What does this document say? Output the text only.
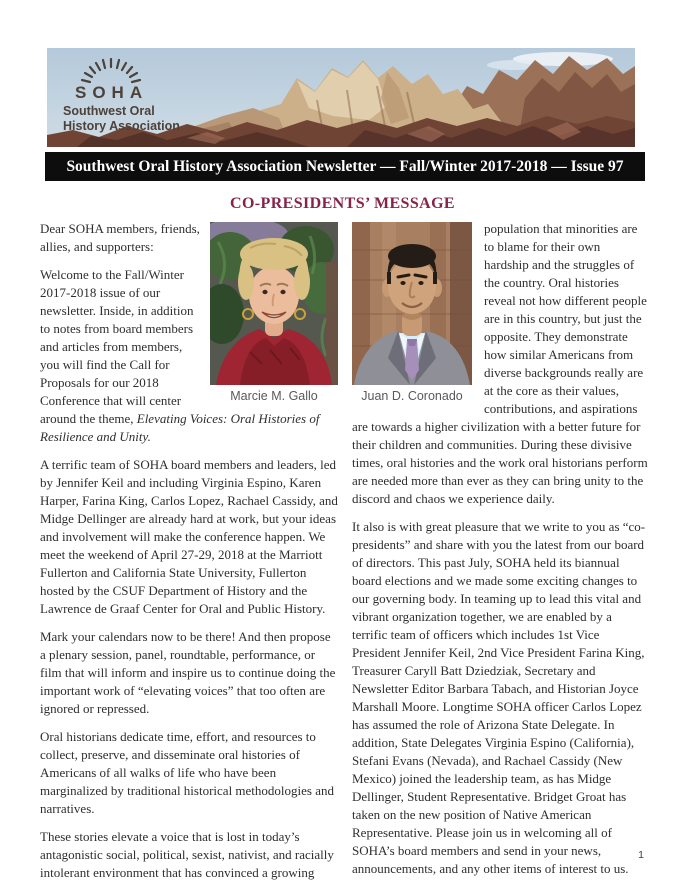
SOHA
Southwest Oral
History Association
Southwest Oral History Association Newsletter — Fall/Winter 2017-2018 — Issue 97
CO-PRESIDENTS’ MESSAGE
Marcie M. Gallo

Dear SOHA members, friends, allies, and supporters:

Welcome to the Fall/Winter 2017-2018 issue of our newsletter. Inside, in addition to notes from board members and articles from members, you will find the Call for Proposals for our 2018 Conference that will center around the theme, Elevating Voices: Oral Histories of Resilience and Unity.

A terrific team of SOHA board members and leaders, led by Jennifer Keil and including Virginia Espino, Karen Harper, Farina King, Carlos Lopez, Rachael Cassidy, and Midge Dellinger are already hard at work, but your ideas and involvement will make the conference happen. We meet the weekend of April 27-29, 2018 at the Marriott Fullerton and California State University, Fullerton hosted by the CSUF Department of History and the Lawrence de Graaf Center for Oral and Public History.

Mark your calendars now to be there! And then propose a plenary session, panel, roundtable, performance, or film that will inform and inspire us to continue doing the important work of “elevating voices” that too often are ignored or repressed.

Oral historians dedicate time, effort, and resources to collect, preserve, and disseminate oral histories of Americans of all walks of life who have been marginalized by traditional historical methodologies and narratives.

These stories elevate a voice that is lost in today’s antagonistic social, political, sexist, nativist, and racially intolerant environment that has convinced a growing

Juan D. Coronado

population that minorities are to blame for their own hardship and the struggles of the country. Oral histories reveal not how different people are in this country, but just the opposite. They demonstrate how similar Americans from diverse backgrounds really are at the core as their values, contributions, and aspirations are towards a higher civilization with a better future for their children and communities. During these divisive times, oral histories and the work oral historians perform are needed more than ever as they can bring unity to the discord and chaos we experience daily.

It also is with great pleasure that we write to you as “co-presidents” and share with you the latest from our board of directors. This past July, SOHA held its biannual board elections and we made some exciting changes to our governing body. In teaming up to lead this vital and vibrant organization together, we are enabled by a terrific team of officers which includes 1st Vice President Jennifer Keil, 2nd Vice President Farina King, Treasurer Caryll Batt Dziedziak, Secretary and Newsletter Editor Barbara Tabach, and Historian Joyce Marshall Moore. Longtime SOHA officer Carlos Lopez has assumed the role of Arizona State Delegate. In addition, State Delegates Virginia Espino (California), Stefani Evans (Nevada), and Rachael Cassidy (New Mexico) joined the leadership team, as has Midge Dellinger, Student Representative. Bridget Groat has taken on the new position of Native American Representative. Please join us in welcoming all of SOHA’s board members and send in your news, announcements, and any other items of interest to us.

1
